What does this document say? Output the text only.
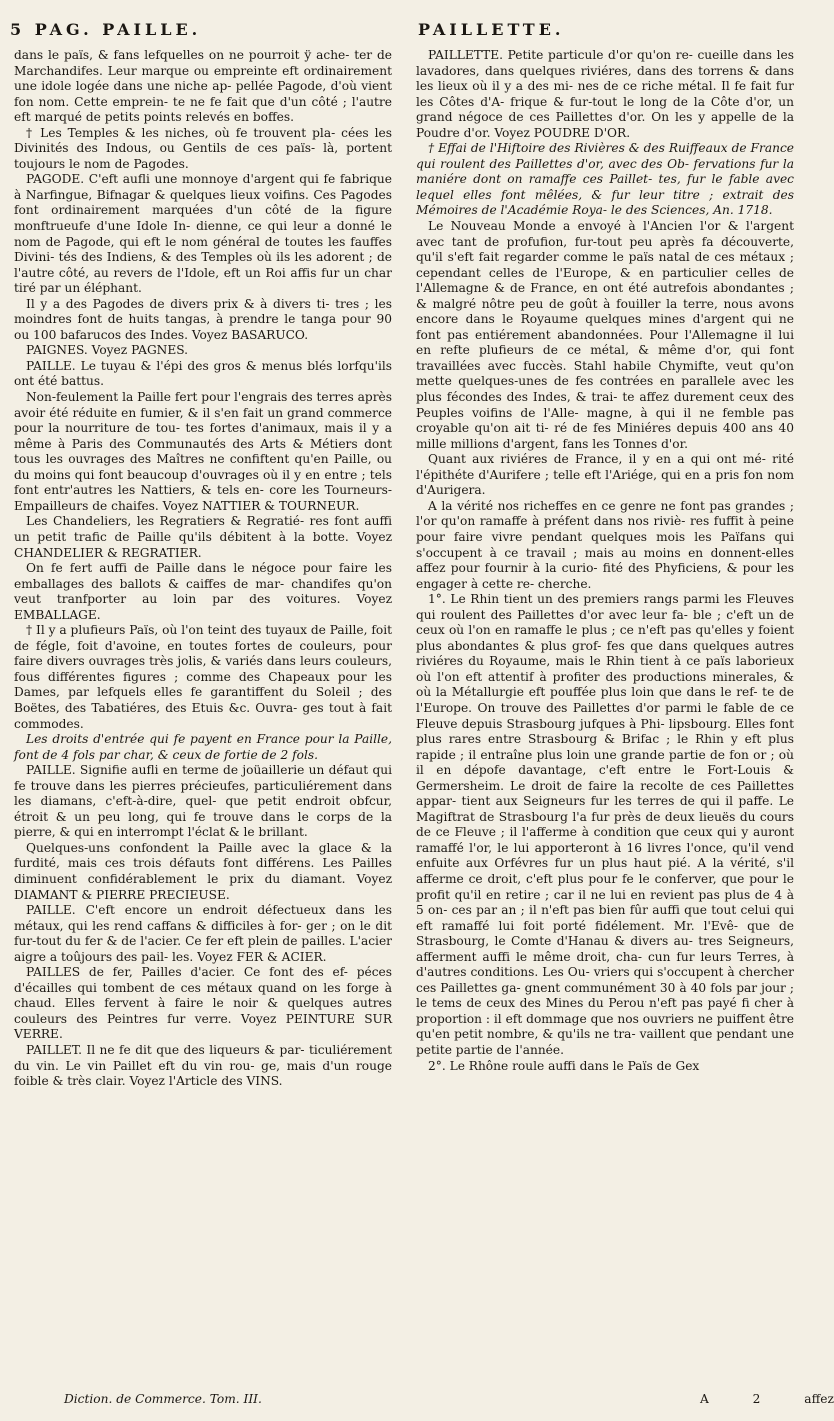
5 PAG. PAILLE.	PAILLETTE.

dans le païs, & fans lefquelles on ne pourroit ÿ ache- ter de Marchandifes. Leur marque ou empreinte eft ordinairement une idole logée dans une niche ap- pellée Pagode, d'où vient fon nom. Cette emprein- te ne fe fait que d'un côté ; l'autre eft marqué de petits points relevés en boffes.

† Les Temples & les niches, où fe trouvent pla- cées les Divinités des Indous, ou Gentils de ces païs- là, portent toujours le nom de Pagodes.

PAGODE. C'eft aufli une monnoye d'argent qui fe fabrique à Narfingue, Bifnagar & quelques lieux voifins. Ces Pagodes font ordinairement marquées d'un côté de la figure monftrueufe d'une Idole In- dienne, ce qui leur a donné le nom de Pagode, qui eft le nom général de toutes les fauffes Divini- tés des Indiens, & des Temples où ils les adorent ; de l'autre côté, au revers de l'Idole, eft un Roi affis fur un char tiré par un éléphant.

Il y a des Pagodes de divers prix & à divers ti- tres ; les moindres font de huits tangas, à prendre le tanga pour 90 ou 100 bafarucos des Indes. Voyez BASARUCO.

PAIGNES. Voyez PAGNES.

PAILLE. Le tuyau & l'épi des gros & menus blés lorfqu'ils ont été battus.

Non-feulement la Paille fert pour l'engrais des terres après avoir été réduite en fumier, & il s'en fait un grand commerce pour la nourriture de tou- tes fortes d'animaux, mais il y a même à Paris des Communautés des Arts & Métiers dont tous les ouvrages des Maîtres ne confiftent qu'en Paille, ou du moins qui font beaucoup d'ouvrages où il y en entre ; tels font entr'autres les Nattiers, & tels en- core les Tourneurs-Empailleurs de chaifes. Voyez NATTIER & TOURNEUR.

Les Chandeliers, les Regratiers & Regratié- res font auffi un petit trafic de Paille qu'ils débitent à la botte. Voyez CHANDELIER & REGRATIER.

On fe fert auffi de Paille dans le négoce pour faire les emballages des ballots & caiffes de mar- chandifes qu'on veut tranfporter au loin par des voitures. Voyez EMBALLAGE.

† Il y a plufieurs Païs, où l'on teint des tuyaux de Paille, foit de fégle, foit d'avoine, en toutes fortes de couleurs, pour faire divers ouvrages très jolis, & variés dans leurs couleurs, fous différentes figures ; comme des Chapeaux pour les Dames, par lefquels elles fe garantiffent du Soleil ; des Boëtes, des Tabatiéres, des Etuis &c. Ouvra- ges tout à fait commodes.

Les droits d'entrée qui fe payent en France pour la Paille, font de 4 fols par char, & ceux de fortie de 2 fols.

PAILLE. Signifie aufli en terme de joüaillerie un défaut qui fe trouve dans les pierres précieufes, particuliérement dans les diamans, c'eft-à-dire, quel- que petit endroit obfcur, étroit & un peu long, qui fe trouve dans le corps de la pierre, & qui en interrompt l'éclat & le brillant.

Quelques-uns confondent la Paille avec la glace & la furdité, mais ces trois défauts font différens. Les Pailles diminuent confidérablement le prix du diamant. Voyez DIAMANT & PIERRE PRECIEUSE.

PAILLE. C'eft encore un endroit défectueux dans les métaux, qui les rend caffans & difficiles à for- ger ; on le dit fur-tout du fer & de l'acier. Ce fer eft plein de pailles. L'acier aigre a toûjours des pail- les. Voyez FER & ACIER.

PAILLES de fer, Pailles d'acier. Ce font des ef- péces d'écailles qui tombent de ces métaux quand on les forge à chaud. Elles fervent à faire le noir & quelques autres couleurs des Peintres fur verre. Voyez PEINTURE SUR VERRE.

PAILLET. Il ne fe dit que des liqueurs & par- ticuliérement du vin. Le vin Paillet eft du vin rou- ge, mais d'un rouge foible & très clair. Voyez l'Article des VINS.

PAILLETTE. Petite particule d'or qu'on re- cueille dans les lavadores, dans quelques riviéres, dans des torrens & dans les lieux où il y a des mi- nes de ce riche métal. Il fe fait fur les Côtes d'A- frique & fur-tout le long de la Côte d'or, un grand négoce de ces Paillettes d'or. On les y appelle de la Poudre d'or. Voyez POUDRE D'OR.

† Effai de l'Hiftoire des Rivières & des Ruiffeaux de France qui roulent des Paillettes d'or, avec des Ob- fervations fur la maniére dont on ramaffe ces Paillet- tes, fur le fable avec lequel elles font mêlées, & fur leur titre ; extrait des Mémoires de l'Académie Roya- le des Sciences, An. 1718.

Le Nouveau Monde a envoyé à l'Ancien l'or & l'argent avec tant de profufion, fur-tout peu après fa découverte, qu'il s'eft fait regarder comme le païs natal de ces métaux ; cependant celles de l'Europe, & en particulier celles de l'Allemagne & de France, en ont été autrefois abondantes ; & malgré nôtre peu de goût à fouiller la terre, nous avons encore dans le Royaume quelques mines d'argent qui ne font pas entiérement abandonnées. Pour l'Allemagne il lui en refte plufieurs de ce métal, & même d'or, qui font travaillées avec fuccès. Stahl habile Chymifte, veut qu'on mette quelques-unes de fes contrées en parallele avec les plus fécondes des Indes, & trai- te affez durement ceux des Peuples voifins de l'Alle- magne, à qui il ne femble pas croyable qu'on ait ti- ré de fes Miniéres depuis 400 ans 40 mille millions d'argent, fans les Tonnes d'or.

Quant aux riviéres de France, il y en a qui ont mé- rité l'épithéte d'Aurifere ; telle eft l'Ariége, qui en a pris fon nom d'Aurigera.

A la vérité nos richeffes en ce genre ne font pas grandes ; l'or qu'on ramaffe à préfent dans nos riviè- res fuffit à peine pour faire vivre pendant quelques mois les Païfans qui s'occupent à ce travail ; mais au moins en donnent-elles affez pour fournir à la curio- fité des Phyficiens, & pour les engager à cette re- cherche.

1°. Le Rhin tient un des premiers rangs parmi les Fleuves qui roulent des Paillettes d'or avec leur fa- ble ; c'eft un de ceux où l'on en ramaffe le plus ; ce n'eft pas qu'elles y foient plus abondantes & plus grof- fes que dans quelques autres riviéres du Royaume, mais le Rhin tient à ce païs laborieux où l'on eft attentif à profiter des productions minerales, & où la Métallurgie eft pouffée plus loin que dans le ref- te de l'Europe. On trouve des Paillettes d'or parmi le fable de ce Fleuve depuis Strasbourg jufques à Phi- lipsbourg. Elles font plus rares entre Strasbourg & Brifac ; le Rhin y eft plus rapide ; il entraîne plus loin une grande partie de fon or ; où il en dépofe davantage, c'eft entre le Fort-Louis & Germersheim. Le droit de faire la recolte de ces Paillettes appar- tient aux Seigneurs fur les terres de qui il paffe. Le Magiftrat de Strasbourg l'a fur près de deux lieuës du cours de ce Fleuve ; il l'afferme à condition que ceux qui y auront ramaffé l'or, le lui apporteront à 16 livres l'once, qu'il vend enfuite aux Orfévres fur un plus haut pié. A la vérité, s'il afferme ce droit, c'eft plus pour fe le conferver, que pour le profit qu'il en retire ; car il ne lui en revient pas plus de 4 à 5 on- ces par an ; il n'eft pas bien fûr auffi que tout celui qui eft ramaffé lui foit porté fidélement. Mr. l'Evê- que de Strasbourg, le Comte d'Hanau & divers au- tres Seigneurs, afferment auffi le même droit, cha- cun fur leurs Terres, à d'autres conditions. Les Ou- vriers qui s'occupent à chercher ces Paillettes ga- gnent communément 30 à 40 fols par jour ; le tems de ceux des Mines du Perou n'eft pas payé fi cher à proportion : il eft dommage que nos ouvriers ne puiffent être qu'en petit nombre, & qu'ils ne tra- vaillent que pendant une petite partie de l'année.

2°. Le Rhône roule auffi dans le Païs de Gex

Diction. de Commerce. Tom. III.	A 2 affez
